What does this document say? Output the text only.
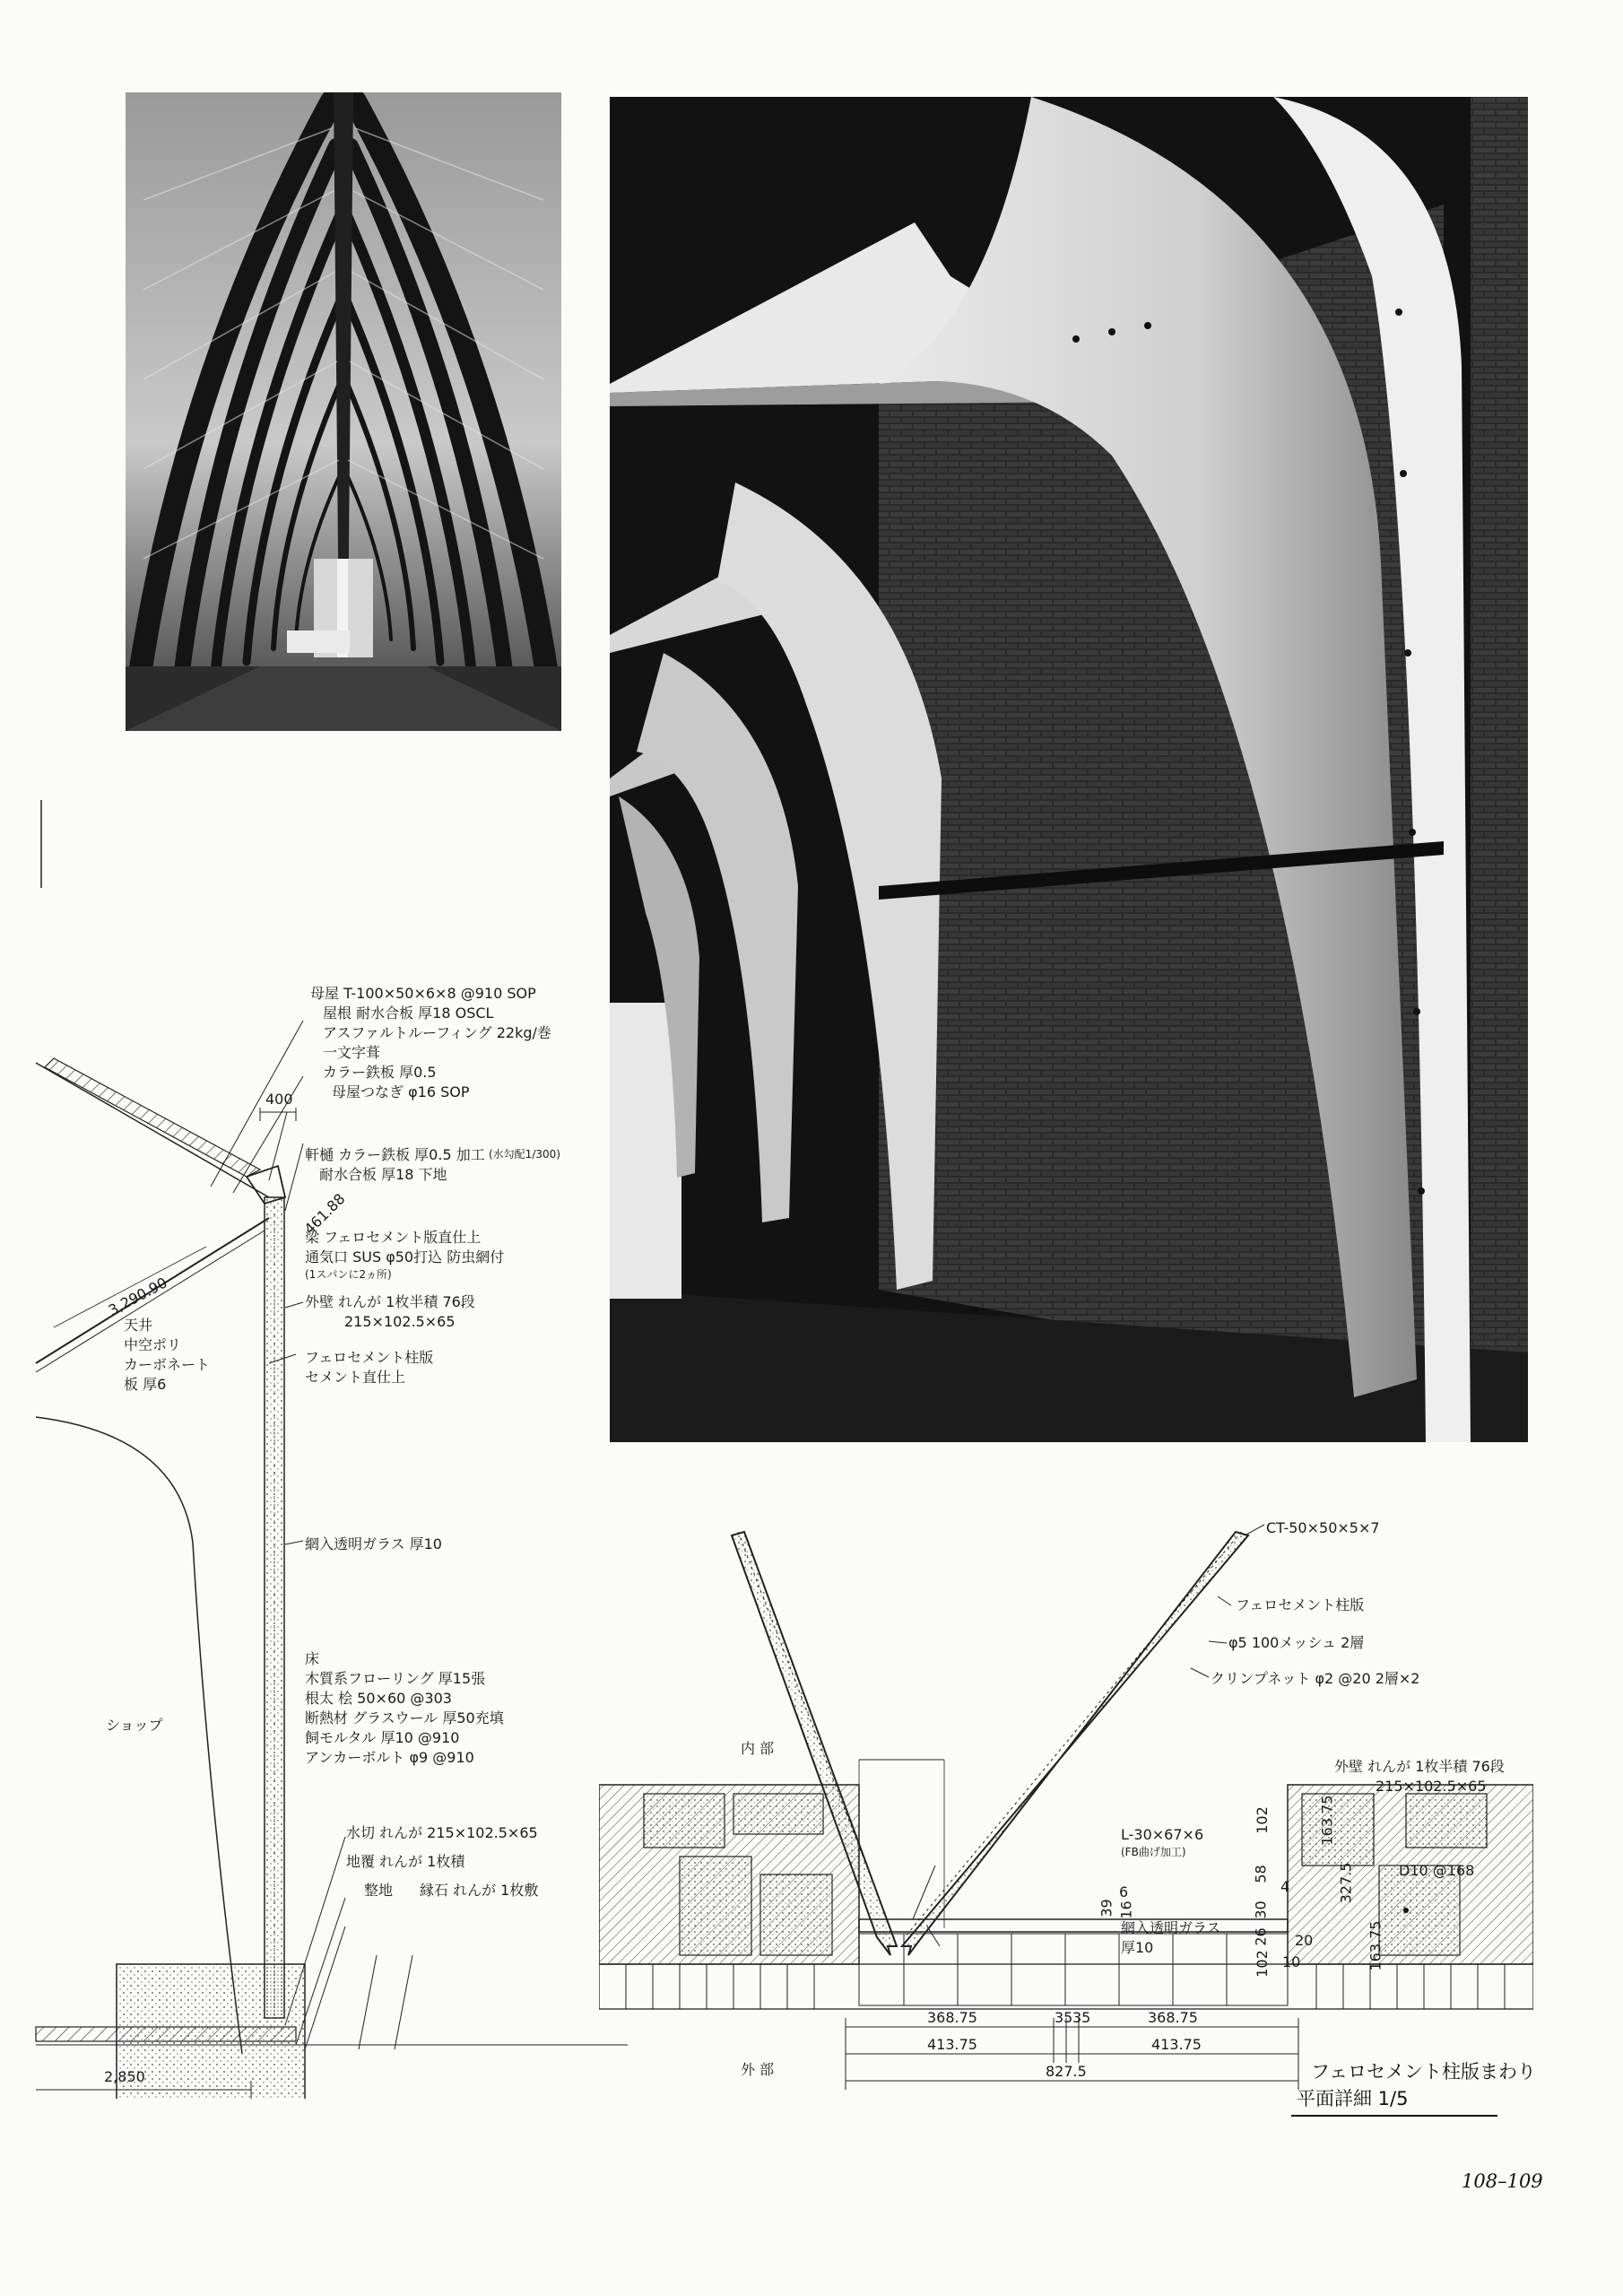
母屋 T-100×50×6×8 @910 SOP
屋根 耐水合板 厚18 OSCL
アスファルトルーフィング 22kg/巻
一文字葺
カラー鉄板 厚0.5
母屋つなぎ φ16 SOP
400
軒樋 カラー鉄板 厚0.5 加工 (水勾配1/300)
耐水合板 厚18 下地
461.88
梁 フェロセメント版直仕上
通気口 SUS φ50打込 防虫網付
(1スパンに2ヵ所)
外壁 れんが 1枚半積 76段
215×102.5×65
3,290.90
天井
中空ポリ
カーボネート
板 厚6
フェロセメント柱版
セメント直仕上
網入透明ガラス 厚10
床
木質系フローリング 厚15張
根太 桧 50×60 @303
断熱材 グラスウール 厚50充填
飼モルタル 厚10 @910
アンカーボルト φ9 @910
ショップ
水切 れんが 215×102.5×65
地覆 れんが 1枚積
整地 縁石 れんが 1枚敷
2,850
CT-50×50×5×7
フェロセメント柱版
φ5 100メッシュ 2層
クリンプネット φ2 @20 2層×2
内 部
外 部
外壁 れんが 1枚半積 76段
215×102.5×65
L-30×67×6
(FB曲げ加工)
網入透明ガラス
厚10
D10 @168
102
58
30
26
102
163.75
327.5
163.75
4
20
10
39
6
16
368.75	35 35	368.75
413.75	413.75
827.5	フェロセメント柱版まわり
平面詳細 1/5
108–109
